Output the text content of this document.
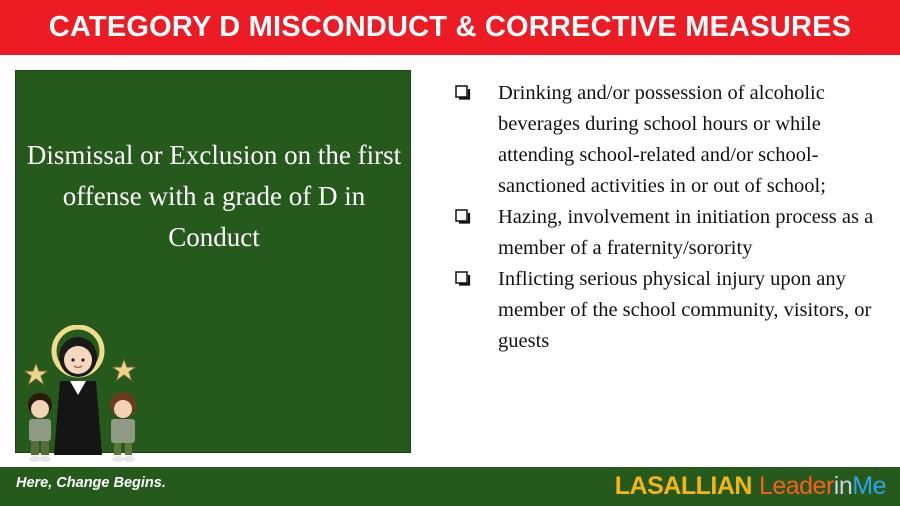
CATEGORY D MISCONDUCT & CORRECTIVE MEASURES
Dismissal or Exclusion on the first offense with a grade of D in Conduct
Drinking and/or possession of alcoholic beverages during school hours or while attending school-related and/or school-sanctioned activities in or out of school;
Hazing, involvement in initiation process as a member of a fraternity/sorority
Inflicting serious physical injury upon any member of the school community, visitors, or guests
Here, Change Begins.	LASALLIAN Leader in Me
